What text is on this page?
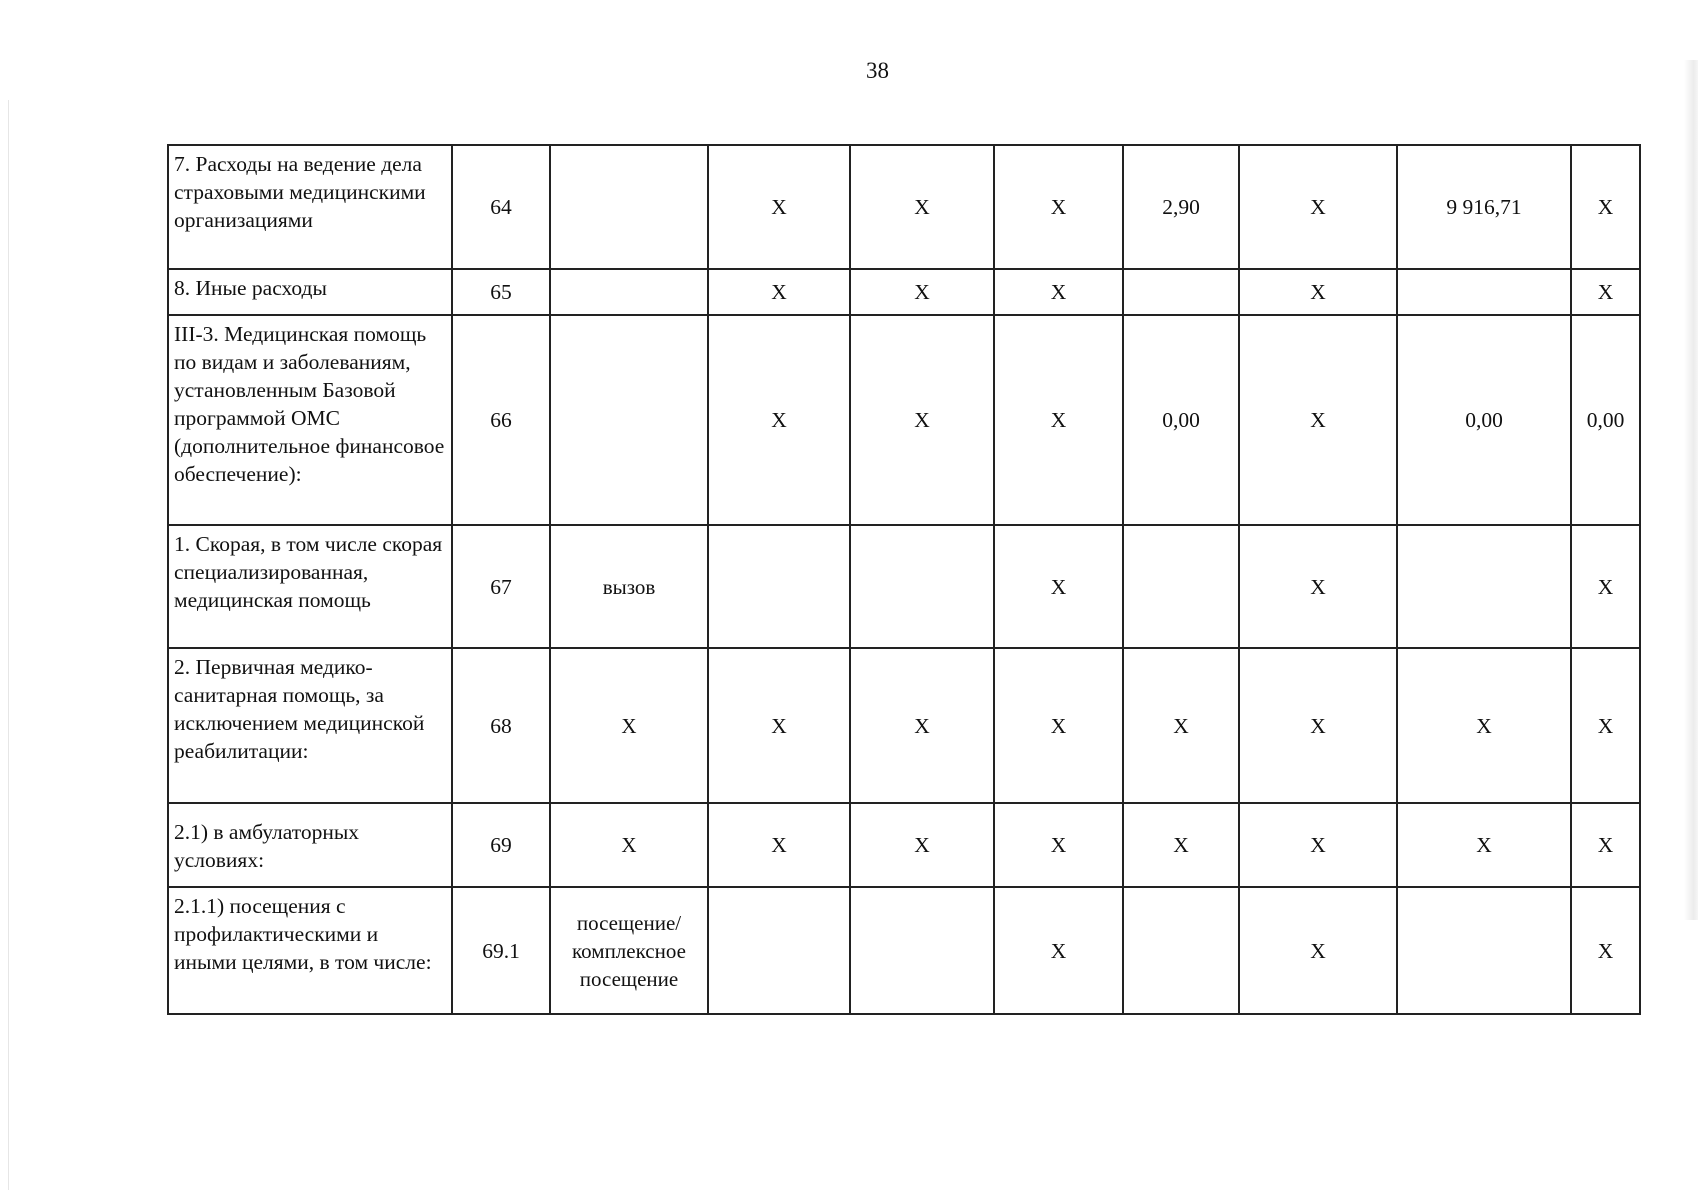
38
7. Расходы на ведение дела страховыми медицинскими организациями	64		X	X	X	2,90	X	9 916,71	X
8. Иные расходы	65		X	X	X		X		X
III-3. Медицинская помощь по видам и заболеваниям, установленным Базовой программой ОМС (дополнительное финансовое обеспечение):	66		X	X	X	0,00	X	0,00	0,00
1. Скорая, в том числе скорая специализированная, медицинская помощь	67	вызов			X		X		X
2. Первичная медико-санитарная помощь, за исключением медицинской реабилитации:	68	X	X	X	X	X	X	X	X
2.1) в амбулаторных условиях:	69	X	X	X	X	X	X	X	X
2.1.1) посещения с профилактическими и иными целями, в том числе:	69.1	посещение/ комплексное посещение			X		X		X
